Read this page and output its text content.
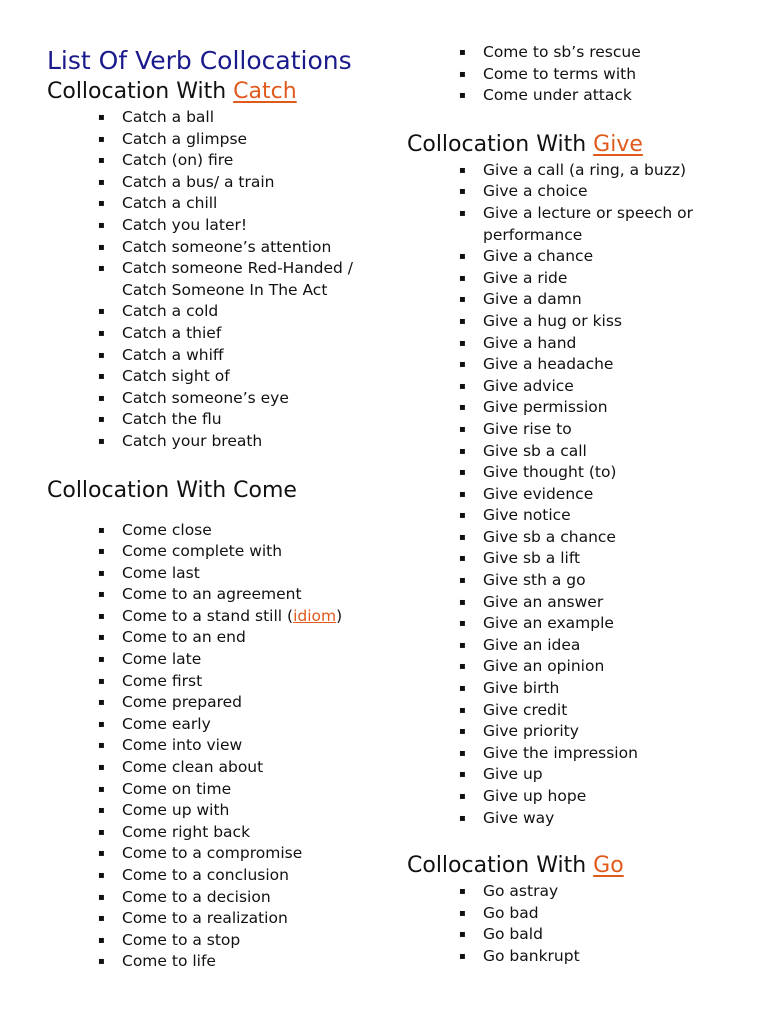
List Of Verb Collocations
Collocation With Catch
▪ Catch a ball
▪ Catch a glimpse
▪ Catch (on) fire
▪ Catch a bus/ a train
▪ Catch a chill
▪ Catch you later!
▪ Catch someone’s attention
▪ Catch someone Red-Handed / Catch Someone In The Act
▪ Catch a cold
▪ Catch a thief
▪ Catch a whiff
▪ Catch sight of
▪ Catch someone’s eye
▪ Catch the flu
▪ Catch your breath
Collocation With Come
▪ Come close
▪ Come complete with
▪ Come last
▪ Come to an agreement
▪ Come to a stand still (idiom)
▪ Come to an end
▪ Come late
▪ Come first
▪ Come prepared
▪ Come early
▪ Come into view
▪ Come clean about
▪ Come on time
▪ Come up with
▪ Come right back
▪ Come to a compromise
▪ Come to a conclusion
▪ Come to a decision
▪ Come to a realization
▪ Come to a stop
▪ Come to life
▪ Come to sb’s rescue
▪ Come to terms with
▪ Come under attack
Collocation With Give
▪ Give a call (a ring, a buzz)
▪ Give a choice
▪ Give a lecture or speech or performance
▪ Give a chance
▪ Give a ride
▪ Give a damn
▪ Give a hug or kiss
▪ Give a hand
▪ Give a headache
▪ Give advice
▪ Give permission
▪ Give rise to
▪ Give sb a call
▪ Give thought (to)
▪ Give evidence
▪ Give notice
▪ Give sb a chance
▪ Give sb a lift
▪ Give sth a go
▪ Give an answer
▪ Give an example
▪ Give an idea
▪ Give an opinion
▪ Give birth
▪ Give credit
▪ Give priority
▪ Give the impression
▪ Give up
▪ Give up hope
▪ Give way
Collocation With Go
▪ Go astray
▪ Go bad
▪ Go bald
▪ Go bankrupt
